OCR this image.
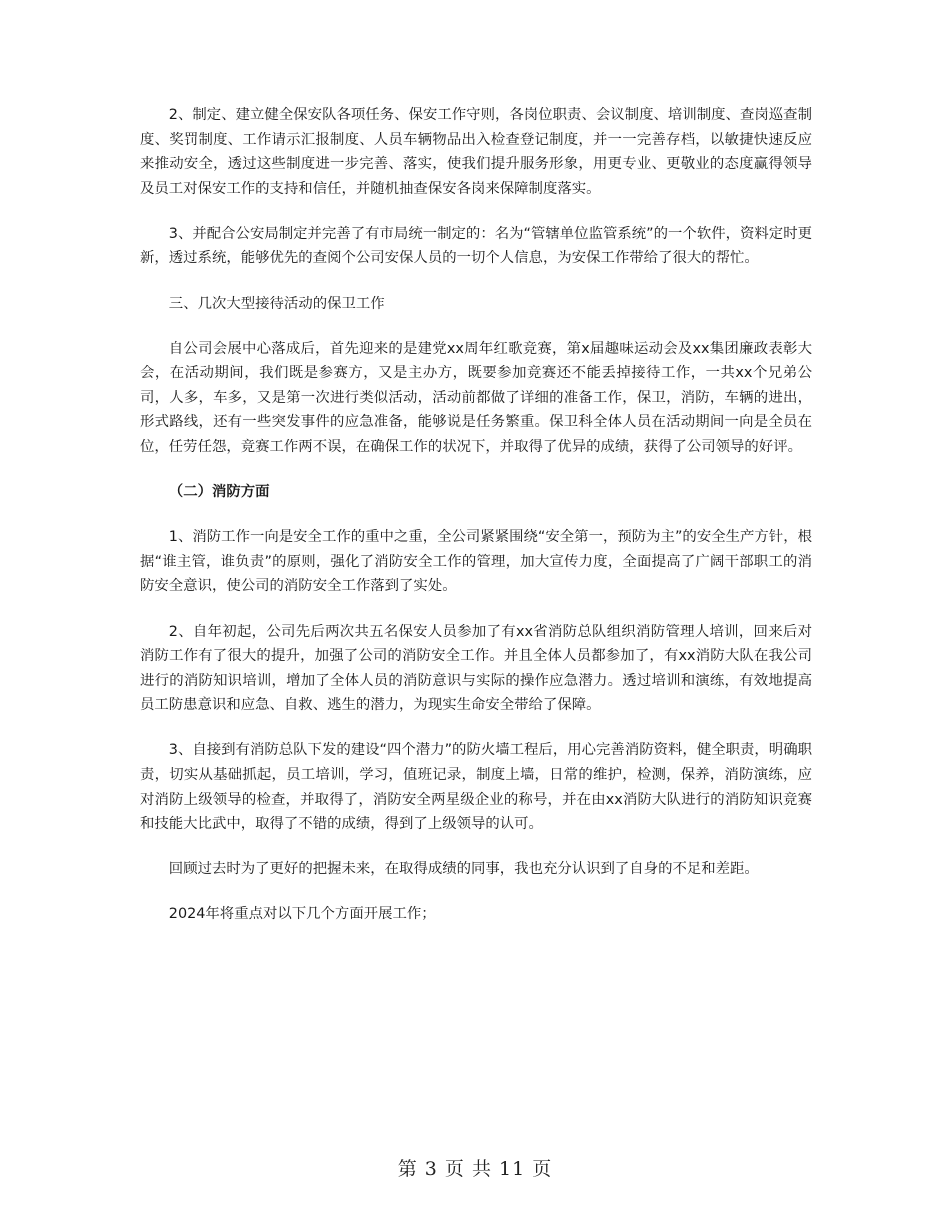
2、制定、建立健全保安队各项任务、保安工作守则，各岗位职责、会议制度、培训制度、查岗巡查制度、奖罚制度、工作请示汇报制度、人员车辆物品出入检查登记制度，并一一完善存档，以敏捷快速反应来推动安全，透过这些制度进一步完善、落实，使我们提升服务形象，用更专业、更敬业的态度赢得领导及员工对保安工作的支持和信任，并随机抽查保安各岗来保障制度落实。

3、并配合公安局制定并完善了有市局统一制定的：名为“管辖单位监管系统”的一个软件，资料定时更新，透过系统，能够优先的查阅个公司安保人员的一切个人信息，为安保工作带给了很大的帮忙。

三、几次大型接待活动的保卫工作

自公司会展中心落成后，首先迎来的是建党xx周年红歌竞赛，第x届趣味运动会及xx集团廉政表彰大会，在活动期间，我们既是参赛方，又是主办方，既要参加竞赛还不能丢掉接待工作，一共xx个兄弟公司，人多，车多，又是第一次进行类似活动，活动前都做了详细的准备工作，保卫，消防，车辆的进出，形式路线，还有一些突发事件的应急准备，能够说是任务繁重。保卫科全体人员在活动期间一向是全员在位，任劳任怨，竞赛工作两不误，在确保工作的状况下，并取得了优异的成绩，获得了公司领导的好评。

（二）消防方面

1、消防工作一向是安全工作的重中之重，全公司紧紧围绕“安全第一，预防为主”的安全生产方针，根据“谁主管，谁负责”的原则，强化了消防安全工作的管理，加大宣传力度，全面提高了广阔干部职工的消防安全意识，使公司的消防安全工作落到了实处。

2、自年初起，公司先后两次共五名保安人员参加了有xx省消防总队组织消防管理人培训，回来后对消防工作有了很大的提升，加强了公司的消防安全工作。并且全体人员都参加了，有xx消防大队在我公司进行的消防知识培训，增加了全体人员的消防意识与实际的操作应急潜力。透过培训和演练，有效地提高员工防患意识和应急、自救、逃生的潜力，为现实生命安全带给了保障。

3、自接到有消防总队下发的建设“四个潜力”的防火墙工程后，用心完善消防资料，健全职责，明确职责，切实从基础抓起，员工培训，学习，值班记录，制度上墙，日常的维护，检测，保养，消防演练，应对消防上级领导的检查，并取得了，消防安全两星级企业的称号，并在由xx消防大队进行的消防知识竞赛和技能大比武中，取得了不错的成绩，得到了上级领导的认可。

回顾过去时为了更好的把握未来，在取得成绩的同事，我也充分认识到了自身的不足和差距。

2024年将重点对以下几个方面开展工作；

第 3 页 共 11 页
